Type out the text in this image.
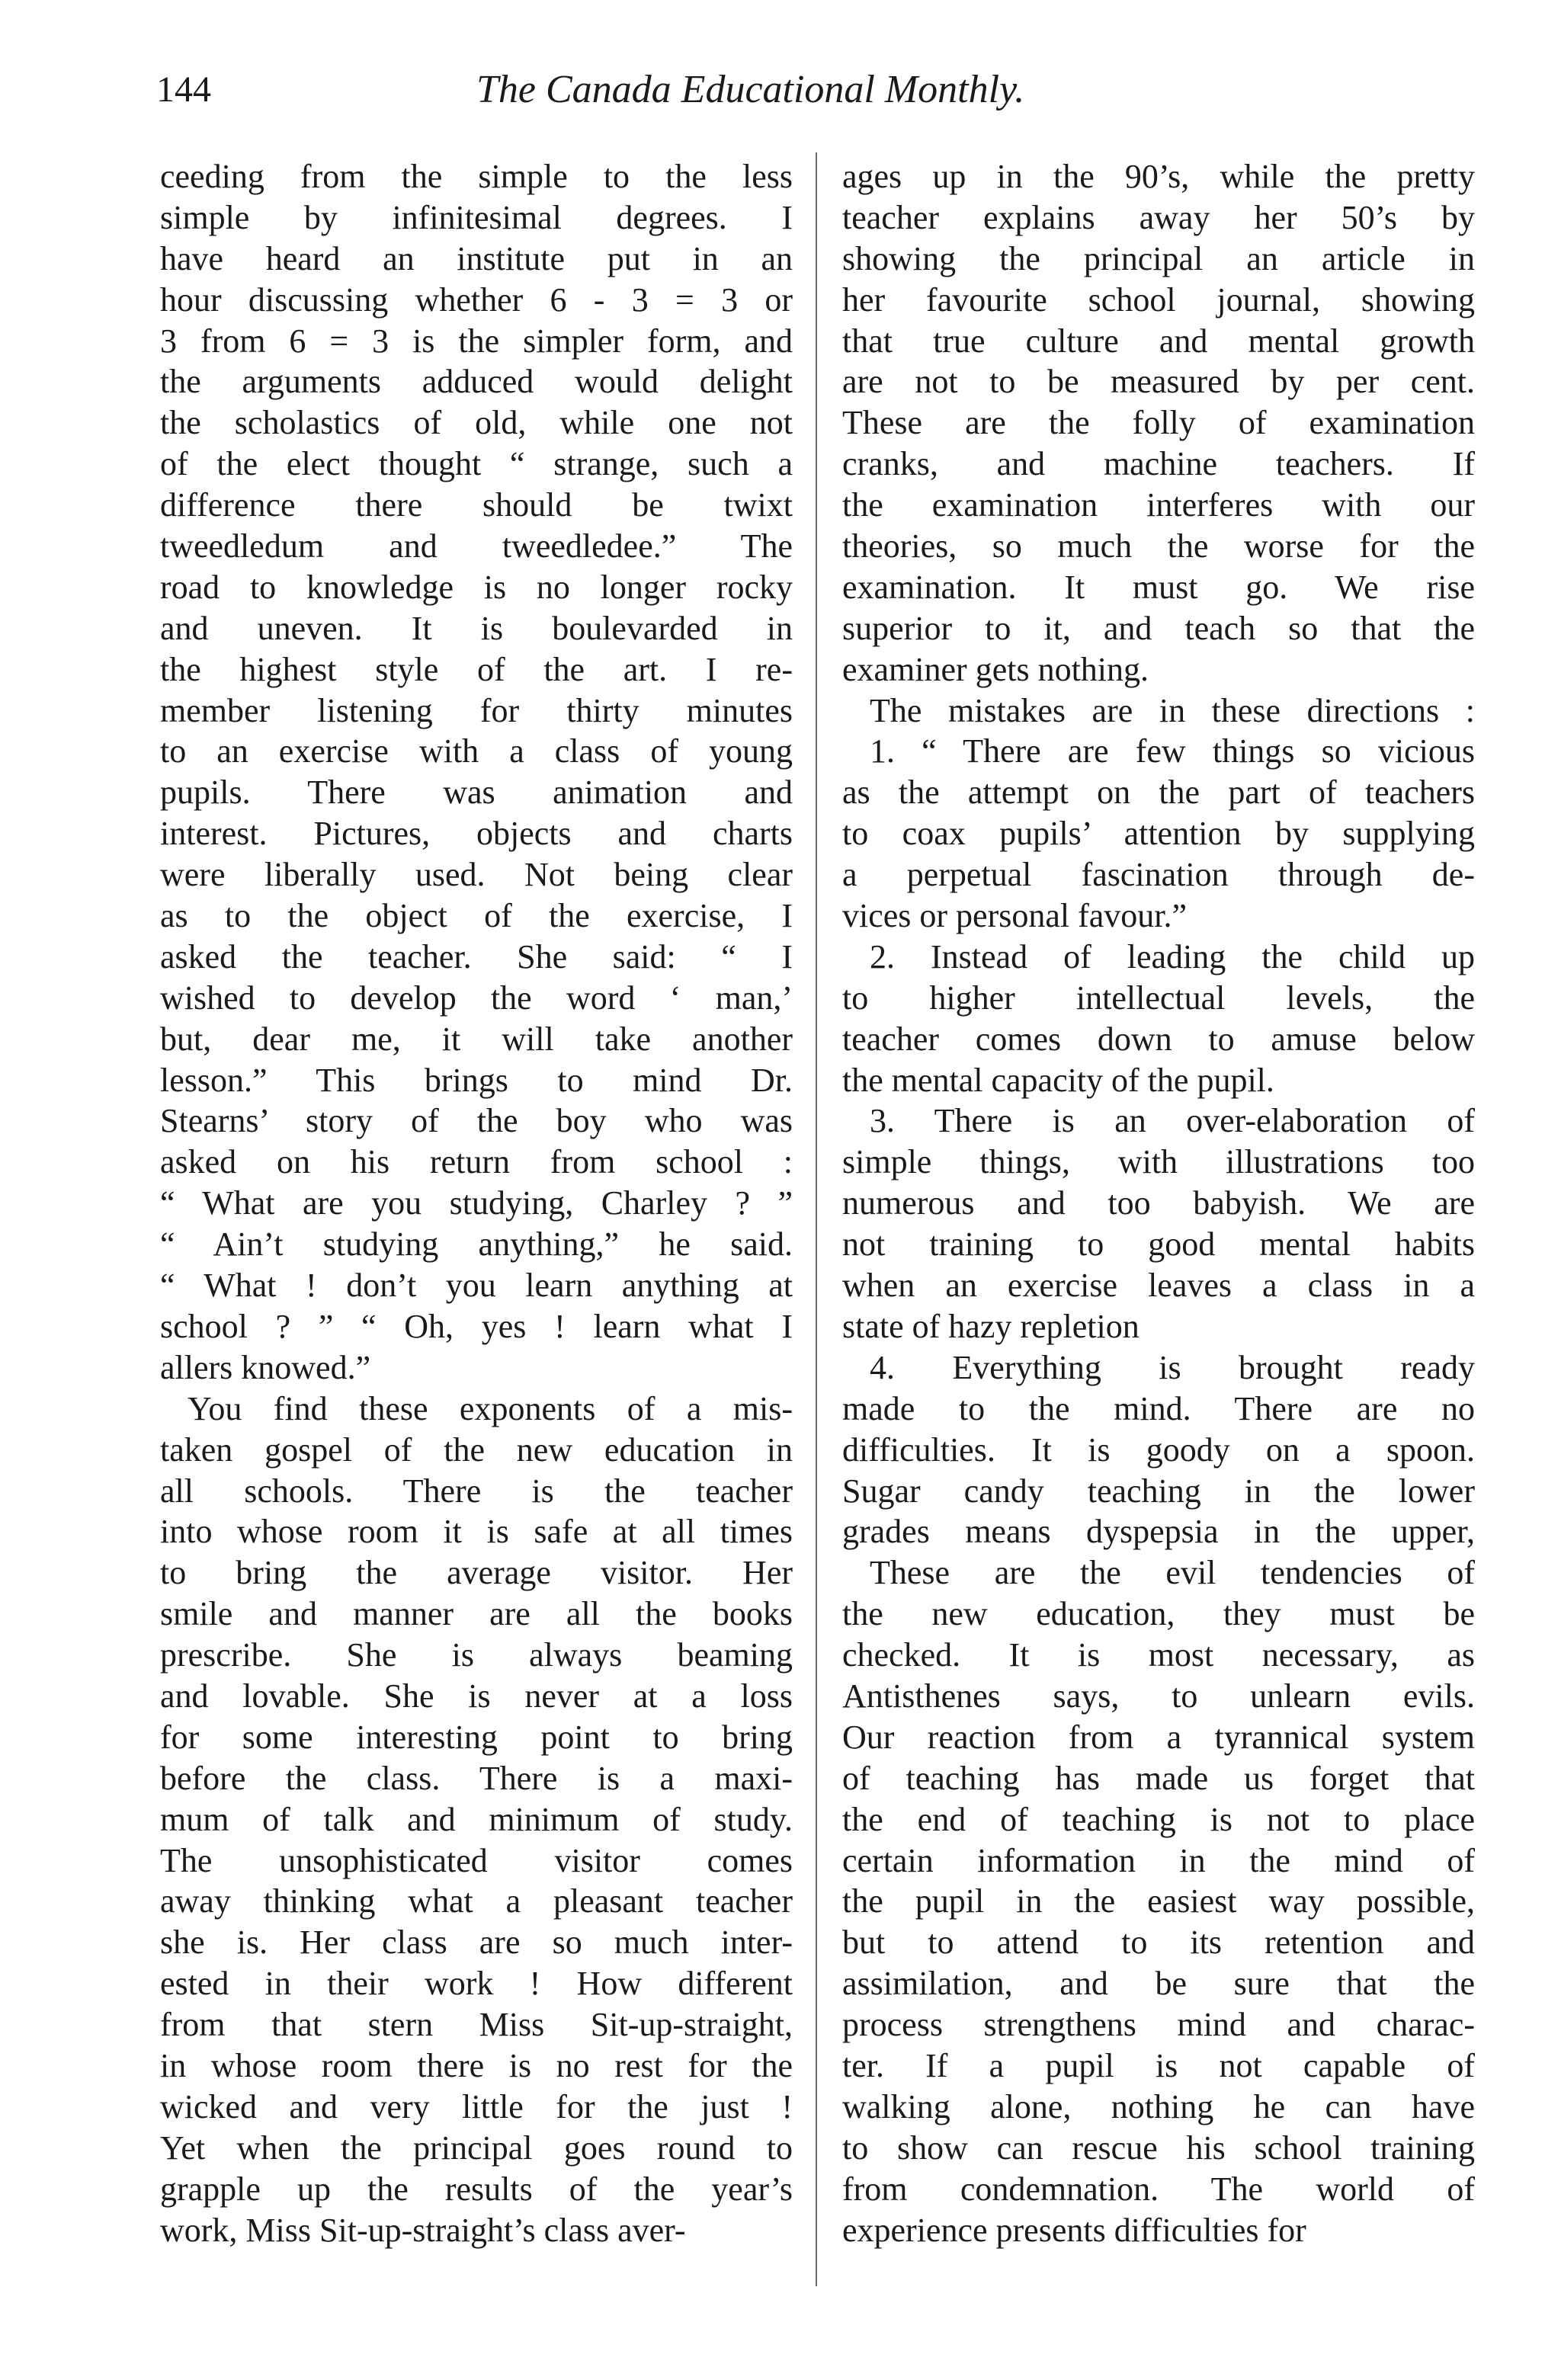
144	The Canada Educational Monthly.
ceeding from the simple to the less
simple by infinitesimal degrees. I
have heard an institute put in an
hour discussing whether 6 - 3 = 3 or
3 from 6 = 3 is the simpler form, and
the arguments adduced would delight
the scholastics of old, while one not
of the elect thought “ strange, such a
difference there should be twixt
tweedledum and tweedledee.” The
road to knowledge is no longer rocky
and uneven. It is boulevarded in
the highest style of the art. I re-
member listening for thirty minutes
to an exercise with a class of young
pupils. There was animation and
interest. Pictures, objects and charts
were liberally used. Not being clear
as to the object of the exercise, I
asked the teacher. She said: “ I
wished to develop the word ‘ man,’
but, dear me, it will take another
lesson.” This brings to mind Dr.
Stearns’ story of the boy who was
asked on his return from school :
“ What are you studying, Charley ? ”
“ Ain’t studying anything,” he said.
“ What ! don’t you learn anything at
school ? ” “ Oh, yes ! learn what I
allers knowed.”
You find these exponents of a mis-
taken gospel of the new education in
all schools. There is the teacher
into whose room it is safe at all times
to bring the average visitor. Her
smile and manner are all the books
prescribe. She is always beaming
and lovable. She is never at a loss
for some interesting point to bring
before the class. There is a maxi-
mum of talk and minimum of study.
The unsophisticated visitor comes
away thinking what a pleasant teacher
she is. Her class are so much inter-
ested in their work ! How different
from that stern Miss Sit-up-straight,
in whose room there is no rest for the
wicked and very little for the just !
Yet when the principal goes round to
grapple up the results of the year’s
work, Miss Sit-up-straight’s class aver-
ages up in the 90’s, while the pretty
teacher explains away her 50’s by
showing the principal an article in
her favourite school journal, showing
that true culture and mental growth
are not to be measured by per cent.
These are the folly of examination
cranks, and machine teachers. If
the examination interferes with our
theories, so much the worse for the
examination. It must go. We rise
superior to it, and teach so that the
examiner gets nothing.
The mistakes are in these directions :
1. “ There are few things so vicious
as the attempt on the part of teachers
to coax pupils’ attention by supplying
a perpetual fascination through de-
vices or personal favour.”
2. Instead of leading the child up
to higher intellectual levels, the
teacher comes down to amuse below
the mental capacity of the pupil.
3. There is an over-elaboration of
simple things, with illustrations too
numerous and too babyish. We are
not training to good mental habits
when an exercise leaves a class in a
state of hazy repletion
4. Everything is brought ready
made to the mind. There are no
difficulties. It is goody on a spoon.
Sugar candy teaching in the lower
grades means dyspepsia in the upper,
These are the evil tendencies of
the new education, they must be
checked. It is most necessary, as
Antisthenes says, to unlearn evils.
Our reaction from a tyrannical system
of teaching has made us forget that
the end of teaching is not to place
certain information in the mind of
the pupil in the easiest way possible,
but to attend to its retention and
assimilation, and be sure that the
process strengthens mind and charac-
ter. If a pupil is not capable of
walking alone, nothing he can have
to show can rescue his school training
from condemnation. The world of
experience presents difficulties for
